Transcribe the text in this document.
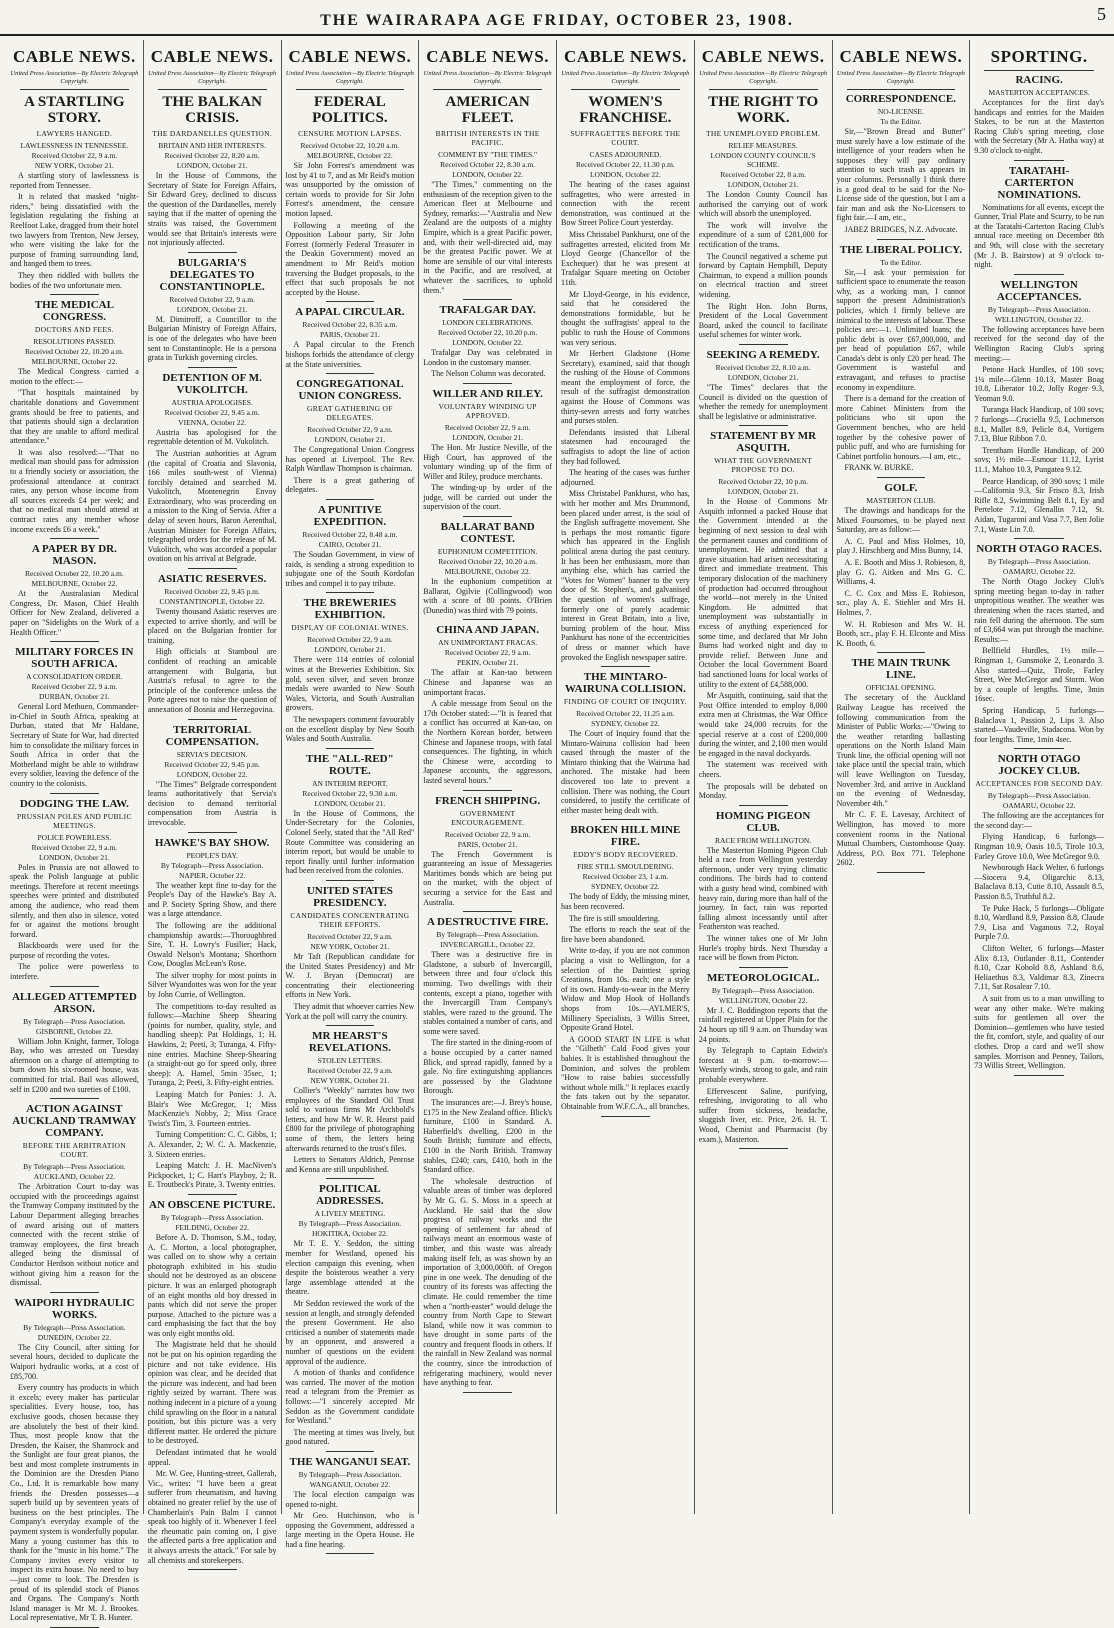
THE WAIRARAPA AGE FRIDAY, OCTOBER 23, 1908.	5
CABLE NEWS.
United Press Association—By Electric Telegraph Copyright.
A STARTLING STORY.
LAWYERS HANGED.
LAWLESSNESS IN TENNESSEE.
Received October 22, 9 a.m.
NEW YORK, October 21.

A startling story of lawlessness is reported from Tennessee.

It is related that masked "night-riders," being dissatisfied with the legislation regulating the fishing at Reelfoot Lake, dragged from their hotel two lawyers from Trenton, New Jersey, who were visiting the lake for the purpose of framing surrounding land, and hanged them to trees.

They then riddled with bullets the bodies of the two unfortunate men.

THE MEDICAL CONGRESS.
DOCTORS AND FEES.
RESOLUTIONS PASSED.
Received October 22, 10.20 a.m.
MELBOURNE, October 22.

The Medical Congress carried a motion to the effect:—

"That hospitals maintained by charitable donations and Government grants should be free to patients, and that patients should sign a declaration that they are unable to afford medical attendance."

It was also resolved:—"That no medical man should pass for admission to a friendly society or association, the professional attendance at contract rates, any person whose income from all sources exceeds £4 per week; and that no medical man should attend at contract rates any member whose income exceeds £6 a week."

A PAPER BY DR. MASON.
Received October 22, 10.20 a.m.
MELBOURNE, October 22.

At the Australasian Medical Congress, Dr. Mason, Chief Health Officer for New Zealand, delivered a paper on "Sidelights on the Work of a Health Officer."

MILITARY FORCES IN SOUTH AFRICA.
A CONSOLIDATION ORDER.
Received October 22, 9 a.m.
DURBAN, October 21.

General Lord Methuen, Commander-in-Chief in South Africa, speaking at Durban, stated that Mr Haldane, Secretary of State for War, had directed him to consolidate the military forces in South Africa in order that the Motherland might be able to withdraw every soldier, leaving the defence of the country to the colonists.

DODGING THE LAW.
PRUSSIAN POLES AND PUBLIC MEETINGS.
POLICE POWERLESS.
Received October 22, 9 a.m.
LONDON, October 21.

Poles in Prussia are not allowed to speak the Polish language at public meetings. Therefore at recent meetings speeches were printed and distributed among the audience, who read them silently, and then also in silence, voted for or against the motions brought forward.

Blackboards were used for the purpose of recording the votes.

The police were powerless to interfere.

ALLEGED ATTEMPTED ARSON.
By Telegraph—Press Association.
GISBORNE, October 22.

William John Knight, farmer, Tologa Bay, who was arrested on Tuesday afternoon on a charge of attempting to burn down his six-roomed house, was committed for trial. Bail was allowed, self in £200 and two sureties of £100.

ACTION AGAINST AUCKLAND TRAMWAY COMPANY.
BEFORE THE ARBITRATION COURT.
By Telegraph—Press Association.
AUCKLAND, October 22.

The Arbitration Court to-day was occupied with the proceedings against the Tramway Company instituted by the Labour Department alleging breaches of award arising out of matters connected with the recent strike of tramway employees, the first breach alleged being the dismissal of Conductor Herdson without notice and without giving him a reason for the dismissal.

WAIPORI HYDRAULIC WORKS.
By Telegraph—Press Association.
DUNEDIN, October 22.

The City Council, after sitting for several hours, decided to duplicate the Waipori hydraulic works, at a cost of £85,700.

Every country has products in which it excels; every maker has particular specialities. Every house, too, has exclusive goods, chosen because they are absolutely the best of their kind. Thus, most people know that the Dresden, the Kaiser, the Shamrock and the Sunlight are four great pianos, the best and most complete instruments in the Dominion are the Dresden Piano Co., Ltd. It is remarkable how many friends the Dresden possesses—a superb build up by seventeen years of business on the best principles. The Company's everyday example of the payment system is wonderfully popular. Many a young customer has this to thank for the "music in his home." The Company invites every visitor to inspect its extra house. No need to buy—just come to look. The Dresden is proud of its splendid stock of Pianos and Organs. The Company's North Island manager is Mr M. J. Brookes. Local representative, Mr T. B. Hunter.

CABLE NEWS.
United Press Association—By Electric Telegraph Copyright.
THE BALKAN CRISIS.
THE DARDANELLES QUESTION.
BRITAIN AND HER INTERESTS.
Received October 22, 8.20 a.m.
LONDON, October 21.

In the House of Commons, the Secretary of State for Foreign Affairs, Sir Edward Grey, declined to discuss the question of the Dardanelles, merely saying that if the matter of opening the straits was raised, the Government would see that Britain's interests were not injuriously affected.

BULGARIA'S DELEGATES TO CONSTANTINOPLE.
Received October 22, 9 a.m.
LONDON, October 21.

M. Dimitroff, a Councillor to the Bulgarian Ministry of Foreign Affairs, is one of the delegates who have been sent to Constantinople. He is a persona grata in Turkish governing circles.

DETENTION OF M. VUKOLITCH.
AUSTRIA APOLOGISES.
Received October 22, 9.45 a.m.
VIENNA, October 22.

Austria has apologised for the regrettable detention of M. Vukolitch.

The Austrian authorities at Agram (the capital of Croatia and Slavonia, 166 miles south-west of Vienna) forcibly detained and searched M. Vukolitch, Montenegrin Envoy Extraordinary, who was proceeding on a mission to the King of Servia. After a delay of seven hours, Baron Aerenthal, Austrian Minister for Foreign Affairs, telegraphed orders for the release of M. Vukolitch, who was accorded a popular ovation on his arrival at Belgrade.

ASIATIC RESERVES.
Received October 22, 9.45 p.m.
CONSTANTINOPLE, October 22.

Twenty thousand Asiatic reserves are expected to arrive shortly, and will be placed on the Bulgarian frontier for training.

High officials at Stamboul are confident of reaching an amicable arrangement with Bulgaria, but Austria's refusal to agree to the principle of the conference unless the Porte agrees not to raise the question of annexation of Bosnia and Herzegovina.

TERRITORIAL COMPENSATION.
SERVIA'S DECISION.
Received October 22, 9.45 p.m.
LONDON, October 22.

"The Times'" Belgrade correspondent learns authoritatively that Servia's decision to demand territorial compensation from Austria is irrevocable.

HAWKE'S BAY SHOW.
PEOPLE'S DAY.
By Telegraph—Press Association.
NAPIER, October 22.

The weather kept fine to-day for the People's Day of the Hawke's Bay A. and P. Society Spring Show, and there was a large attendance.

The following are the additional championship awards:—Thoroughbred Sire, T. H. Lowry's Fusilier; Hack, Oswald Nelson's Montana; Shorthorn Cow, Douglas McLean's Rose.

The silver trophy for most points in Silver Wyandottes was won for the year by John Currie, of Wellington.

The competitions to-day resulted as follows:—Machine Sheep Shearing (points for number, quality, style, and handling sheep): Pat Holdings, 1; H. Hawkins, 2; Peeti, 3; Turanga, 4. Fifty-nine entries. Machine Sheep-Shearing (a straight-out go for speed only, three sheep): A. Hamel, 5min 35sec, 1; Turanga, 2; Peeti, 3. Fifty-eight entries.

Leaping Match for Ponies: J. A. Blair's Wee McGregor, 1; Miss MacKenzie's Nobby, 2; Miss Grace Twist's Tim, 3. Fourteen entries.

Turning Competition: C. C. Gibbs, 1; A. Alexander, 2; W. C. A. Mackenzie, 3. Sixteen entries.

Leaping Match: J. H. MacNiven's Pickpocket, 1; C. Hart's Playboy, 2; R. E. Troutbeck's Pirate, 3. Twenty entries.

AN OBSCENE PICTURE.
By Telegraph—Press Association.
FEILDING, October 22.

Before A. D. Thomson, S.M., today, A. C. Morton, a local photographer, was called on to show why a certain photograph exhibited in his studio should not be destroyed as an obscene picture. It was an enlarged photograph of an eight months old boy dressed in pants which did not serve the proper purpose. Attached to the picture was a card emphasising the fact that the boy was only eight months old.

The Magistrate held that he should not be put on his opinion regarding the picture and not take evidence. His opinion was clear, and he decided that the picture was indecent, and had been rightly seized by warrant. There was nothing indecent in a picture of a young child sprawling on the floor in a natural position, but this picture was a very different matter. He ordered the picture to be destroyed.

Defendant intimated that he would appeal.

Mr. W. Gee, Hunting-street, Gallerah, Vic., writes: "I have been a great sufferer from rheumatism, and having obtained no greater relief by the use of Chamberlain's Pain Balm I cannot speak too highly of it. Whenever I feel the rheumatic pain coming on, I give the affected parts a free application and it always arrests the attack." For sale by all chemists and storekeepers.

CABLE NEWS.
United Press Association—By Electric Telegraph Copyright.
FEDERAL POLITICS.
CENSURE MOTION LAPSES.
Received October 22, 10.20 a.m.
MELBOURNE, October 22.

Sir John Forrest's amendment was lost by 41 to 7, and as Mr Reid's motion was unsupported by the omission of certain words to provide for Sir John Forrest's amendment, the censure motion lapsed.

Following a meeting of the Opposition Labour party, Sir John Forrest (formerly Federal Treasurer in the Deakin Government) moved an amendment to Mr Reid's motion traversing the Budget proposals, to the effect that such proposals be not accepted by the House.

A PAPAL CIRCULAR.
Received October 22, 8.35 a.m.
PARIS, October 21.

A Papal circular to the French bishops forbids the attendance of clergy at the State universities.

CONGREGATIONAL UNION CONGRESS.
GREAT GATHERING OF DELEGATES.
Received October 22, 9 a.m.
LONDON, October 21.

The Congregational Union Congress has opened at Liverpool. The Rev. Ralph Wardlaw Thompson is chairman.

There is a great gathering of delegates.

A PUNITIVE EXPEDITION.
Received October 22, 8.48 a.m.
CAIRO, October 21.

The Soudan Government, in view of raids, is sending a strong expedition to subjugate one of the South Kordofan tribes and compel it to pay tribute.

THE BREWERIES EXHIBITION.
DISPLAY OF COLONIAL WINES.
Received October 22, 9 a.m.
LONDON, October 21.

There were 114 entries of colonial wines at the Breweries Exhibition. Six gold, seven silver, and seven bronze medals were awarded to New South Wales, Victoria, and South Australian growers.

The newspapers comment favourably on the excellent display by New South Wales and South Australia.

THE "ALL-RED" ROUTE.
AN INTERIM REPORT.
Received October 22, 9.30 a.m.
LONDON, October 21.

In the House of Commons, the Under-Secretary for the Colonies, Colonel Seely, stated that the "All Red" Route Committee was considering an interim report, but would be unable to report finally until further information had been received from the colonies.

UNITED STATES PRESIDENCY.
CANDIDATES CONCENTRATING THEIR EFFORTS.
Received October 22, 9 a.m.
NEW YORK, October 21.

Mr Taft (Republican candidate for the United States Presidency) and Mr W. J. Bryan (Democrat) are concentrating their electioneering efforts in New York.

They admit that whoever carries New York at the poll will carry the country.

MR HEARST'S REVELATIONS.
STOLEN LETTERS.
Received October 22, 9 a.m.
NEW YORK, October 21.

Collier's "Weekly" narrates how two employees of the Standard Oil Trust sold to various firms Mr Archbold's letters, and how Mr W. R. Hearst paid £800 for the privilege of photographing some of them, the letters being afterwards returned to the trust's files.

Letters to Senators Aldrich, Penrose and Kenna are still unpublished.

POLITICAL ADDRESSES.
A LIVELY MEETING.
By Telegraph—Press Association.
HOKITIKA, October 22.

Mr T. E. Y. Seddon, the sitting member for Westland, opened his election campaign this evening, when despite the boisterous weather a very large assemblage attended at the theatre.

Mr Seddon reviewed the work of the session at length, and strongly defended the present Government. He also criticised a number of statements made by an opponent, and answered a number of questions on the evident approval of the audience.

A motion of thanks and confidence was carried. The mover of the motion read a telegram from the Premier as follows:—"I sincerely accepted Mr Seddon as the Government candidate for Westland."

The meeting at times was lively, but good natured.

THE WANGANUI SEAT.
By Telegraph—Press Association.
WANGANUI, October 22.

The local election campaign was opened to-night.

Mr Geo. Hutchinson, who is opposing the Government, addressed a large meeting in the Opera House. He had a fine hearing.

CABLE NEWS.
United Press Association—By Electric Telegraph Copyright.
AMERICAN FLEET.
BRITISH INTERESTS IN THE PACIFIC.
COMMENT BY "THE TIMES."
Received October 22, 8.30 a.m.
LONDON, October 22.

"The Times," commenting on the enthusiasm of the reception given to the American fleet at Melbourne and Sydney, remarks:—"Australia and New Zealand are the outposts of a mighty Empire, which is a great Pacific power, and, with their well-directed aid, may be the greatest Pacific power. We at home are sensible of our vital interests in the Pacific, and are resolved, at whatever the sacrifices, to uphold them."

TRAFALGAR DAY.
LONDON CELEBRATIONS.
Received October 22, 10.20 p.m.
LONDON, October 22.

Trafalgar Day was celebrated in London in the customary manner.

The Nelson Column was decorated.

WILLER AND RILEY.
VOLUNTARY WINDING UP APPROVED.
Received October 22, 9 a.m.
LONDON, October 21.

The Hon. Mr Justice Neville, of the High Court, has approved of the voluntary winding up of the firm of Willer and Riley, produce merchants.

The winding-up by order of the judge, will be carried out under the supervision of the court.

BALLARAT BAND CONTEST.
EUPHONIUM COMPETITION.
Received October 22, 10.20 a.m.
MELBOURNE, October 22.

In the euphonium competition at Ballarat, Ogilvie (Collingwood) won with a score of 80 points. O'Brien (Dunedin) was third with 79 points.

CHINA AND JAPAN.
AN UNIMPORTANT FRACAS.
Received October 22, 9 a.m.
PEKIN, October 21.

The affair at Kan-tao between Chinese and Japanese was an unimportant fracas.

A cable message from Seoul on the 17th October stated:—"It is feared that a conflict has occurred at Kan-tao, on the Northern Korean border, between Chinese and Japanese troops, with fatal consequences. The fighting, in which the Chinese were, according to Japanese accounts, the aggressors, lasted several hours."

FRENCH SHIPPING.
GOVERNMENT ENCOURAGEMENT.
Received October 22, 9 a.m.
PARIS, October 21.

The French Government is guaranteeing an issue of Messageries Maritimes bonds which are being put on the market, with the object of securing a service for the East and Australia.

A DESTRUCTIVE FIRE.
By Telegraph—Press Association.
INVERCARGILL, October 22.

There was a destructive fire in Gladstone, a suburb of Invercargill, between three and four o'clock this morning. Two dwellings with their contents, except a piano, together with the Invercargill Tram Company's stables, were razed to the ground. The stables contained a number of carts, and some were saved.

The fire started in the dining-room of a house occupied by a carter named Blick, and spread rapidly, fanned by a gale. No fire extinguishing appliances are possessed by the Gladstone Borough.

The insurances are:—J. Brey's house, £175 in the New Zealand office. Blick's furniture, £100 in Standard. A. Haberfield's dwelling, £200 in the South British; furniture and effects, £100 in the North British. Tramway stables, £240; cars, £410, both in the Standard office.

The wholesale destruction of valuable areas of timber was deplored by Mr G. G. S. Moss in a speech at Auckland. He said that the slow progress of railway works and the opening of settlement far ahead of railways meant an enormous waste of timber, and this waste was already making itself felt, as was shown by an importation of 3,000,000ft. of Oregon pine in one week. The denuding of the country of its forests was affecting the climate. He could remember the time when a "north-easter" would deluge the country from North Cape to Stewart Island, while now it was common to have drought in some parts of the country and frequent floods in others. If the rainfall in New Zealand was normal the country, since the introduction of refrigerating machinery, would never have anything to fear.

CABLE NEWS.
United Press Association—By Electric Telegraph Copyright.
WOMEN'S FRANCHISE.
SUFFRAGETTES BEFORE THE COURT.
CASES ADJOURNED.
Received October 22, 11.30 p.m.
LONDON, October 22.

The hearing of the cases against suffragettes, who were arrested in connection with the recent demonstration, was continued at the Bow Street Police Court yesterday.

Miss Christabel Pankhurst, one of the suffragettes arrested, elicited from Mr Lloyd George (Chancellor of the Exchequer) that he was present at Trafalgar Square meeting on October 11th.

Mr Lloyd-George, in his evidence, said that he considered the demonstrations formidable, but he thought the suffragists' appeal to the public to rush the House of Commons was very serious.

Mr Herbert Gladstone (Home Secretary), examined, said that though the rushing of the House of Commons meant the employment of force, the result of the suffragist demonstration against the House of Commons was thirty-seven arrests and forty watches and purses stolen.

Defendants insisted that Liberal statesmen had encouraged the suffragists to adopt the line of action they had followed.

The hearing of the cases was further adjourned.

Miss Christabel Pankhurst, who has, with her mother and Mrs Drummond, been placed under arrest, is the soul of the English suffragette movement. She is perhaps the most romantic figure which has appeared in the English political arena during the past century. It has been her enthusiasm, more than anything else, which has carried the "Votes for Women" banner to the very door of St. Stephen's, and galvanised the question of women's suffrage, formerly one of purely academic interest in Great Britain, into a live, burning problem of the hour. Miss Pankhurst has none of the eccentricities of dress or manner which have provoked the English newspaper satire.

THE MINTARO-WAIRUNA COLLISION.
FINDING OF COURT OF INQUIRY.
Received October 22, 11.25 a.m.
SYDNEY, October 22.

The Court of Inquiry found that the Mintaro-Wairuna collision had been caused through the master of the Mintaro thinking that the Wairuna had anchored. The mistake had been discovered too late to prevent a collision. There was nothing, the Court considered, to justify the certificate of either master being dealt with.

BROKEN HILL MINE FIRE.
EDDY'S BODY RECOVERED.
FIRE STILL SMOULDERING.
Received October 23, 1 a.m.
SYDNEY, October 22.

The body of Eddy, the missing miner, has been recovered.

The fire is still smouldering.

The efforts to reach the seat of the fire have been abandoned.

Write to-day, if you are not common placing a visit to Wellington, for a selection of the Daintiest spring Creations, from 10s. each; one a style of its own. Handy-to-wear in the Merry Widow and Mop Hook of Holland's shops from 10s.—AYLMER'S, Millinery Specialists, 3 Willis Street, Opposite Grand Hotel.

A GOOD START IN LIFE is what the "Gilbeth" Cald Food gives your babies. It is established throughout the Dominion, and solves the problem "How to raise babies successfully without whole milk." It replaces exactly the fats taken out by the separator. Obtainable from W.F.C.A., all branches.

CABLE NEWS.
United Press Association—By Electric Telegraph Copyright.
THE RIGHT TO WORK.
THE UNEMPLOYED PROBLEM.
RELIEF MEASURES.
LONDON COUNTY COUNCIL'S SCHEME.
Received October 22, 8 a.m.
LONDON, October 21.

The London County Council has authorised the carrying out of work which will absorb the unemployed.

The work will involve the expenditure of a sum of £281,000 for rectification of the trams.

The Council negatived a scheme put forward by Captain Hemphill, Deputy Chairman, to expend a million pounds on electrical traction and street widening.

The Right Hon. John Burns, President of the Local Government Board, asked the council to facilitate useful schemes for winter work.

SEEKING A REMEDY.
Received October 22, 8.10 a.m.
LONDON, October 21.

"The Times" declares that the Council is divided on the question of whether the remedy for unemployment shall be legislative or administrative.

STATEMENT BY MR ASQUITH.
WHAT THE GOVERNMENT PROPOSE TO DO.
Received October 22, 10 p.m.
LONDON, October 21.

In the House of Commons Mr Asquith informed a packed House that the Government intended at the beginning of next session to deal with the permanent causes and conditions of unemployment. He admitted that a grave situation had arisen necessitating direct and immediate treatment. This temporary dislocation of the machinery of production had occurred throughout the world—not merely in the United Kingdom. He admitted that unemployment was substantially in excess of anything experienced for some time, and declared that Mr John Burns had worked night and day to provide relief. Between June and October the local Government Board had sanctioned loans for local works of utility to the extent of £4,588,000.

Mr Asquith, continuing, said that the Post Office intended to employ 8,000 extra men at Christmas, the War Office would take 24,000 recruits for the special reserve at a cost of £200,000 during the winter, and 2,100 men would be engaged in the naval dockyards.

The statement was received with cheers.

The proposals will be debated on Monday.

HOMING PIGEON CLUB.
RACE FROM WELLINGTON.

The Masterton Homing Pigeon Club held a race from Wellington yesterday afternoon, under very trying climatic conditions. The birds had to contend with a gusty head wind, combined with heavy rain, during more than half of the journey. In fact, rain was reported falling almost incessantly until after Featherston was reached.

The winner takes one of Mr John Hurle's trophy birds. Next Thursday a race will be flown from Picton.

METEOROLOGICAL.
By Telegraph—Press Association.
WELLINGTON, October 22.

Mr J. C. Boddington reports that the rainfall registered at Upper Plain for the 24 hours up till 9 a.m. on Thursday was 24 points.

By Telegraph to Captain Edwin's forecast at 9 p.m. to-morrow:—Westerly winds, strong to gale, and rain probable everywhere.

Effervescent Saline, purifying, refreshing, invigorating to all who suffer from sickness, headache, sluggish liver, etc. Price, 2/6. H. T. Wood, Chemist and Pharmacist (by exam.), Masterton.

CABLE NEWS.
United Press Association—By Electric Telegraph Copyright.
CORRESPONDENCE.
NO-LICENSE.
To the Editor.

Sir,—"Brown Bread and Butter" must surely have a low estimate of the intelligence of your readers when he supposes they will pay ordinary attention to such trash as appears in your columns. Personally I think there is a good deal to be said for the No-License side of the question, but I am a fair man and ask the No-Licensers to fight fair.—I am, etc.,

JABEZ BRIDGES, N.Z. Advocate.

THE LIBERAL POLICY.
To the Editor.

Sir,—I ask your permission for sufficient space to enumerate the reason why, as a working man, I cannot support the present Administration's policies, which I firmly believe are inimical to the interests of labour. These policies are:—1. Unlimited loans; the public debt is over £67,000,000, and per head of population £67, while Canada's debt is only £20 per head. The Government is wasteful and extravagant, and refuses to practise economy in expenditure.

There is a demand for the creation of more Cabinet Ministers from the politicians who sit upon the Government benches, who are held together by the cohesive power of public puff, and who are furnishing for Cabinet portfolio honours.—I am, etc.,

FRANK W. BURKE.

GOLF.
MASTERTON CLUB.

The drawings and handicaps for the Mixed Foursomes, to be played next Saturday, are as follow:—

A. C. Paul and Miss Holmes, 10, play J. Hirschberg and Miss Bunny, 14.

A. E. Booth and Miss J. Robieson, 8, play G. G. Aitken and Mrs G. C. Williams, 4.

C. C. Cox and Miss E. Robieson, scr., play A. E. Stiehler and Mrs H. Holmes, 7.

W. H. Robieson and Mrs W. H. Booth, scr., play F. H. Elconte and Miss K. Booth, 6.

THE MAIN TRUNK LINE.
OFFICIAL OPENING.

The secretary of the Auckland Railway League has received the following communication from the Minister of Public Works:—"Owing to the weather retarding ballasting operations on the North Island Main Trunk line, the official opening will not take place until the special train, which will leave Wellington on Tuesday, November 3rd, and arrive in Auckland on the evening of Wednesday, November 4th."

Mr C. F. E. Lavesay, Architect of Wellington, has moved to more convenient rooms in the National Mutual Chambers, Customhouse Quay. Address, P.O. Box 771. Telephone 2602.

SPORTING.
RACING.
MASTERTON ACCEPTANCES.

Acceptances for the first day's handicaps and entries for the Maiden Stakes, to be run at the Masterton Racing Club's spring meeting, close with the Secretary (Mr A. Hatha way) at 9.30 o'clock to-night.

TARATAHI-CARTERTON NOMINATIONS.

Nominations for all events, except the Gunner, Trial Plate and Scurry, to be run at the Taratahi-Carterton Racing Club's annual race meeting on December 8th and 9th, will close with the secretary (Mr J. B. Bairstow) at 9 o'clock to-night.

WELLINGTON ACCEPTANCES.
By Telegraph—Press Association.
WELLINGTON, October 22.

The following acceptances have been received for the second day of the Wellington Racing Club's spring meeting:—

Petone Hack Hurdles, of 100 sovs; 1¼ mile—Glenn 10.13, Master Boag 10.8, Liberator 10.2, Jolly Roger 9.3, Yeoman 9.0.

Turanga Hack Handicap, of 100 sovs; 7 furlongs—Cruciella 9.5, Lochmerson 8.1, Mallet 8.9, Pelicle 8.4, Vortigern 7.13, Blue Ribbon 7.0.

Trentham Hurdle Handicap, of 200 sovs; 1½ mile—Esmour 11.12, Lyrist 11.1, Mahoo 10.3, Pungatea 9.12.

Pearce Handicap, of 390 sovs; 1 mile—California 9.3, Sir Frisco 8.3, Irish Rifle 8.2, Swimming Belt 8.1, Ey and Pertelote 7.12, Glenallin 7.12, St. Aidan, Tugaroni and Vasa 7.7, Ben Jolie 7.1, Waste Lin 7.0.

NORTH OTAGO RACES.
By Telegraph—Press Association.
OAMARU, October 22.

The North Otago Jockey Club's spring meeting began to-day in rather unpropitious weather. The weather was threatening when the races started, and rain fell during the afternoon. The sum of £3,664 was put through the machine. Results:—

Bellfield Hurdles, 1½ mile—Ringman 1, Gunsmoke 2, Leonardo 3. Also started—Quiz, Tirole, Farley Street, Wee McGregor and Storm. Won by a couple of lengths. Time, 3min 16sec.

Spring Handicap, 5 furlongs—Balaclava 1, Passion 2, Lips 3. Also started—Vaudeville, Stadacona. Won by four lengths. Time, 1min 4sec.

NORTH OTAGO JOCKEY CLUB.
ACCEPTANCES FOR SECOND DAY.
By Telegraph—Press Association.
OAMARU, October 22.

The following are the acceptances for the second day:—

Flying Handicap, 6 furlongs—Ringman 10.9, Oasis 10.5, Tirole 10.3, Farley Grove 10.0, Wee McGregor 9.0.

Newborough Hack Welter, 6 furlongs—Siocera 9.4, Oligarchic 8.13, Balaclava 8.13, Cutie 8.10, Assault 8.5, Passion 8.5, Truthful 8.2.

Te Puke Hack, 5 furlongs—Obligate 8.10, Wardland 8.9, Passion 8.8, Claude 7.9, Lisa and Vaganous 7.2, Royal Purple 7.0.

Clifton Welter, 6 furlongs—Master Alix 8.13, Outlander 8.11, Contender 8.10, Czar Kobold 8.8, Ashland 8.6, Heliaethus 8.3, Valdimar 8.3, Zinecra 7.11, Sat Rosalear 7.10.

A suit from us to a man unwilling to wear any other make. We're making suits for gentlemen all over the Dominion—gentlemen who have tested the fit, comfort, style, and quality of our clothes. Drop a card and we'll show samples. Morrison and Penney, Tailors, 73 Willis Street, Wellington.
